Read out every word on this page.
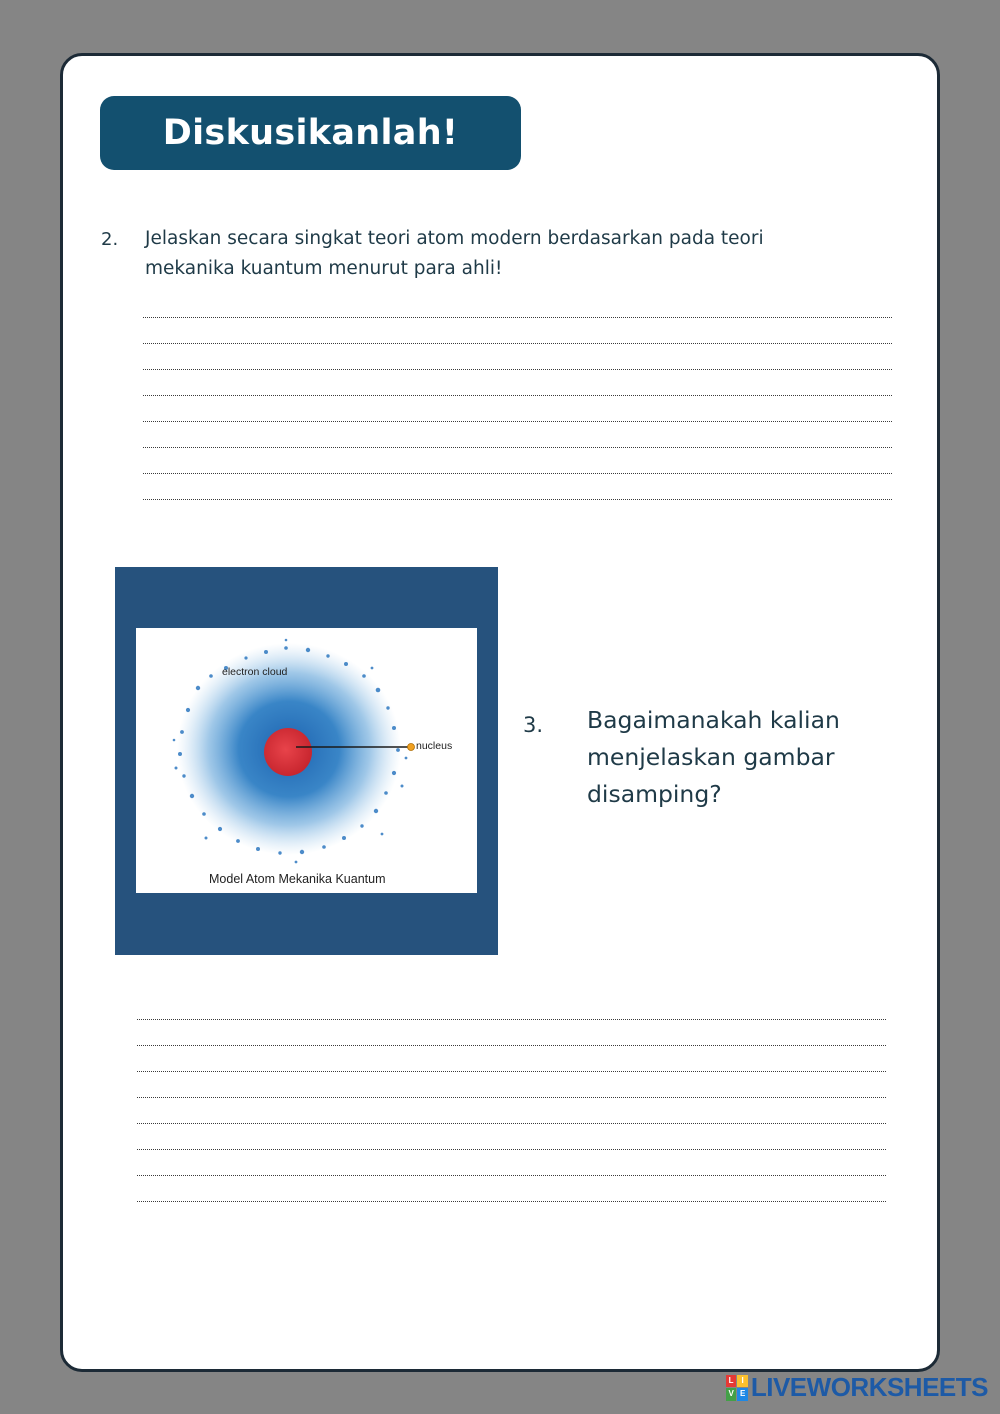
Diskusikanlah!
2. Jelaskan secara singkat teori atom modern berdasarkan pada teori
mekanika kuantum menurut para ahli!
electron cloud
nucleus
Model Atom Mekanika Kuantum
3. Bagaimanakah kalian
menjelaskan gambar
disamping?
L I
V E LIVEWORKSHEETS
